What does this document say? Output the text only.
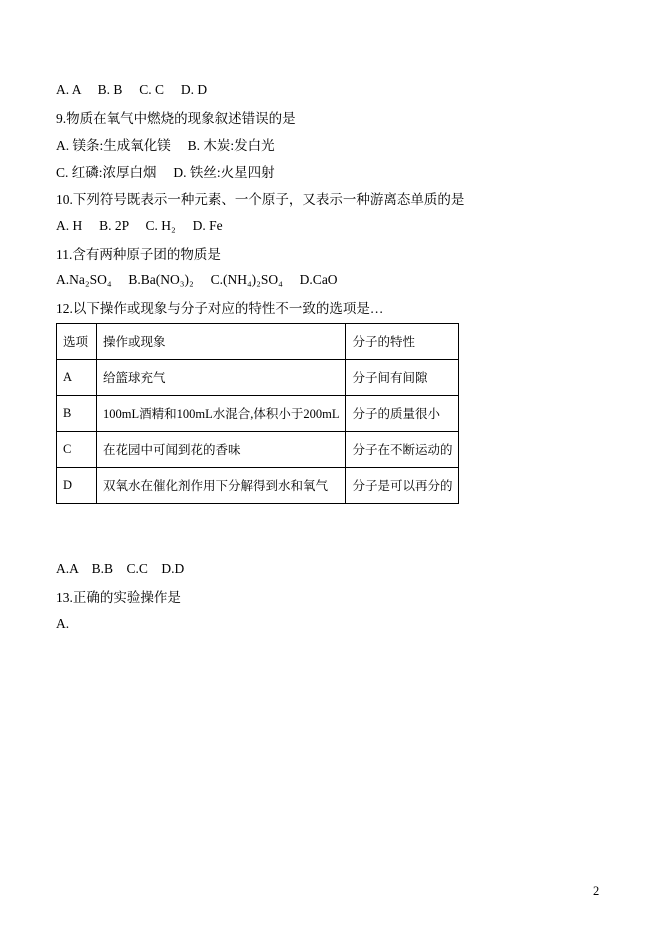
A. A     B. B     C. C     D. D
9.物质在氧气中燃烧的现象叙述错误的是
A. 镁条:生成氧化镁     B. 木炭:发白光
C. 红磷:浓厚白烟     D. 铁丝:火星四射
10.下列符号既表示一种元素、一个原子，又表示一种游离态单质的是
A. H     B. 2P     C. H₂     D. Fe
11.含有两种原子团的物质是
A.Na₂SO₄     B.Ba(NO₃)₂     C.(NH₄)₂SO₄     D.CaO
12.以下操作或现象与分子对应的特性不一致的选项是…
选项	操作或现象	分子的特性
A	给篮球充气	分子间有间隙
B	100mL酒精和100mL水混合,体积小于200mL	分子的质量很小
C	在花园中可闻到花的香味	分子在不断运动的
D	双氧水在催化剂作用下分解得到水和氧气	分子是可以再分的
A.A    B.B    C.C    D.D
13.正确的实验操作是
A.
2
